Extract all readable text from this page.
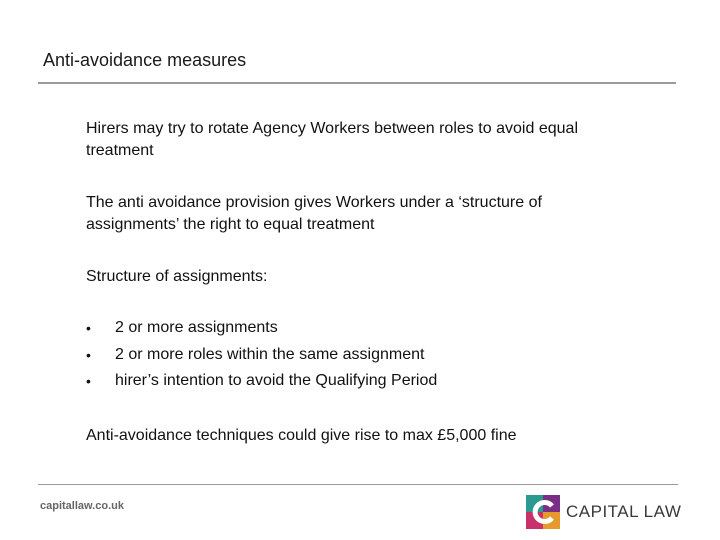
Anti-avoidance measures

Hirers may try to rotate Agency Workers between roles to avoid equal treatment

The anti avoidance provision gives Workers under a ‘structure of assignments’ the right to equal treatment

Structure of assignments:

•	2 or more assignments
•	2 or more roles within the same assignment
•	hirer’s intention to avoid the Qualifying Period

Anti-avoidance techniques could give rise to max £5,000 fine

capitallaw.co.uk	CAPITAL LAW
